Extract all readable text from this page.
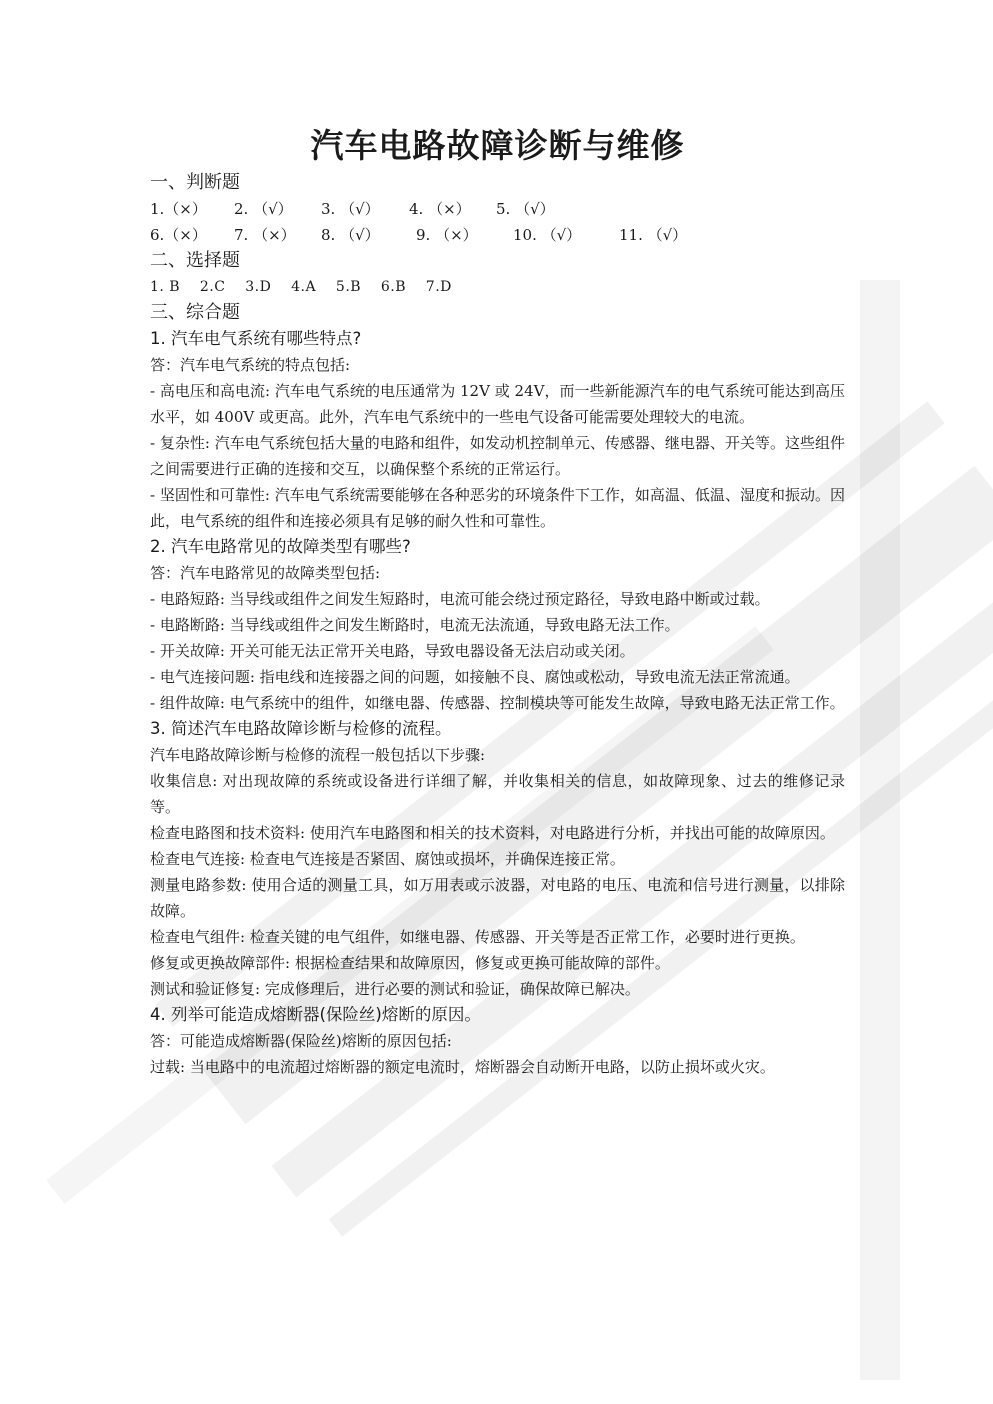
汽车电路故障诊断与维修
一、判断题
1.（×） 2. （√） 3. （√） 4. （×） 5. （√）
6.（×） 7. （×） 8. （√） 9. （×） 10. （√）	11. （√）
二、选择题
1. B    2.C    3.D    4.A    5.B    6.B    7.D
三、综合题
1. 汽车电气系统有哪些特点?

答：汽车电气系统的特点包括:

- 高电压和高电流: 汽车电气系统的电压通常为 12V 或 24V，而一些新能源汽车的电气系统可能达到高压水平，如 400V 或更高。此外，汽车电气系统中的一些电气设备可能需要处理较大的电流。

- 复杂性: 汽车电气系统包括大量的电路和组件，如发动机控制单元、传感器、继电器、开关等。这些组件之间需要进行正确的连接和交互，以确保整个系统的正常运行。

- 坚固性和可靠性: 汽车电气系统需要能够在各种恶劣的环境条件下工作，如高温、低温、湿度和振动。因此，电气系统的组件和连接必须具有足够的耐久性和可靠性。

2. 汽车电路常见的故障类型有哪些?

答：汽车电路常见的故障类型包括:

- 电路短路: 当导线或组件之间发生短路时，电流可能会绕过预定路径，导致电路中断或过载。

- 电路断路: 当导线或组件之间发生断路时，电流无法流通，导致电路无法工作。

- 开关故障: 开关可能无法正常开关电路，导致电器设备无法启动或关闭。

- 电气连接问题: 指电线和连接器之间的问题，如接触不良、腐蚀或松动，导致电流无法正常流通。

- 组件故障: 电气系统中的组件，如继电器、传感器、控制模块等可能发生故障，导致电路无法正常工作。

3. 简述汽车电路故障诊断与检修的流程。

汽车电路故障诊断与检修的流程一般包括以下步骤:

收集信息: 对出现故障的系统或设备进行详细了解，并收集相关的信息，如故障现象、过去的维修记录等。

检查电路图和技术资料: 使用汽车电路图和相关的技术资料，对电路进行分析，并找出可能的故障原因。

检查电气连接: 检查电气连接是否紧固、腐蚀或损坏，并确保连接正常。

测量电路参数: 使用合适的测量工具，如万用表或示波器，对电路的电压、电流和信号进行测量，以排除故障。

检查电气组件: 检查关键的电气组件，如继电器、传感器、开关等是否正常工作，必要时进行更换。

修复或更换故障部件: 根据检查结果和故障原因，修复或更换可能故障的部件。

测试和验证修复: 完成修理后，进行必要的测试和验证，确保故障已解决。

4. 列举可能造成熔断器(保险丝)熔断的原因。

答：可能造成熔断器(保险丝)熔断的原因包括:

过载: 当电路中的电流超过熔断器的额定电流时，熔断器会自动断开电路，以防止损坏或火灾。
